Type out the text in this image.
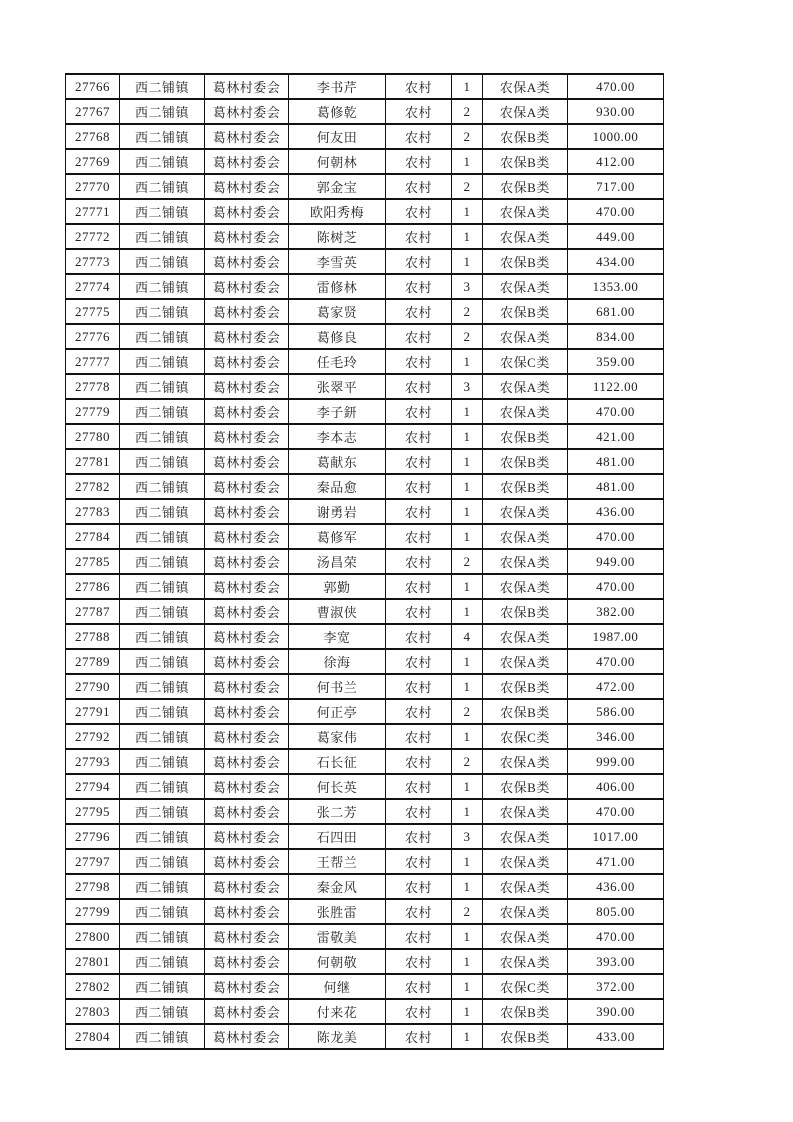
27766	西二铺镇	葛林村委会	李书芹	农村	1	农保A类	470.00
27767	西二铺镇	葛林村委会	葛修乾	农村	2	农保A类	930.00
27768	西二铺镇	葛林村委会	何友田	农村	2	农保B类	1000.00
27769	西二铺镇	葛林村委会	何朝林	农村	1	农保B类	412.00
27770	西二铺镇	葛林村委会	郭金宝	农村	2	农保B类	717.00
27771	西二铺镇	葛林村委会	欧阳秀梅	农村	1	农保A类	470.00
27772	西二铺镇	葛林村委会	陈树芝	农村	1	农保A类	449.00
27773	西二铺镇	葛林村委会	李雪英	农村	1	农保B类	434.00
27774	西二铺镇	葛林村委会	雷修林	农村	3	农保A类	1353.00
27775	西二铺镇	葛林村委会	葛家贤	农村	2	农保B类	681.00
27776	西二铺镇	葛林村委会	葛修良	农村	2	农保A类	834.00
27777	西二铺镇	葛林村委会	任毛玲	农村	1	农保C类	359.00
27778	西二铺镇	葛林村委会	张翠平	农村	3	农保A类	1122.00
27779	西二铺镇	葛林村委会	李子鈃	农村	1	农保A类	470.00
27780	西二铺镇	葛林村委会	李本志	农村	1	农保B类	421.00
27781	西二铺镇	葛林村委会	葛献东	农村	1	农保B类	481.00
27782	西二铺镇	葛林村委会	秦品愈	农村	1	农保B类	481.00
27783	西二铺镇	葛林村委会	谢勇岩	农村	1	农保A类	436.00
27784	西二铺镇	葛林村委会	葛修军	农村	1	农保A类	470.00
27785	西二铺镇	葛林村委会	汤昌荣	农村	2	农保A类	949.00
27786	西二铺镇	葛林村委会	郭勤	农村	1	农保A类	470.00
27787	西二铺镇	葛林村委会	曹淑侠	农村	1	农保B类	382.00
27788	西二铺镇	葛林村委会	李宽	农村	4	农保A类	1987.00
27789	西二铺镇	葛林村委会	徐海	农村	1	农保A类	470.00
27790	西二铺镇	葛林村委会	何书兰	农村	1	农保B类	472.00
27791	西二铺镇	葛林村委会	何正亭	农村	2	农保B类	586.00
27792	西二铺镇	葛林村委会	葛家伟	农村	1	农保C类	346.00
27793	西二铺镇	葛林村委会	石长征	农村	2	农保A类	999.00
27794	西二铺镇	葛林村委会	何长英	农村	1	农保B类	406.00
27795	西二铺镇	葛林村委会	张二芳	农村	1	农保A类	470.00
27796	西二铺镇	葛林村委会	石四田	农村	3	农保A类	1017.00
27797	西二铺镇	葛林村委会	王帮兰	农村	1	农保A类	471.00
27798	西二铺镇	葛林村委会	秦金风	农村	1	农保A类	436.00
27799	西二铺镇	葛林村委会	张胜雷	农村	2	农保A类	805.00
27800	西二铺镇	葛林村委会	雷敬美	农村	1	农保A类	470.00
27801	西二铺镇	葛林村委会	何朝敬	农村	1	农保A类	393.00
27802	西二铺镇	葛林村委会	何继	农村	1	农保C类	372.00
27803	西二铺镇	葛林村委会	付来花	农村	1	农保B类	390.00
27804	西二铺镇	葛林村委会	陈龙美	农村	1	农保B类	433.00
